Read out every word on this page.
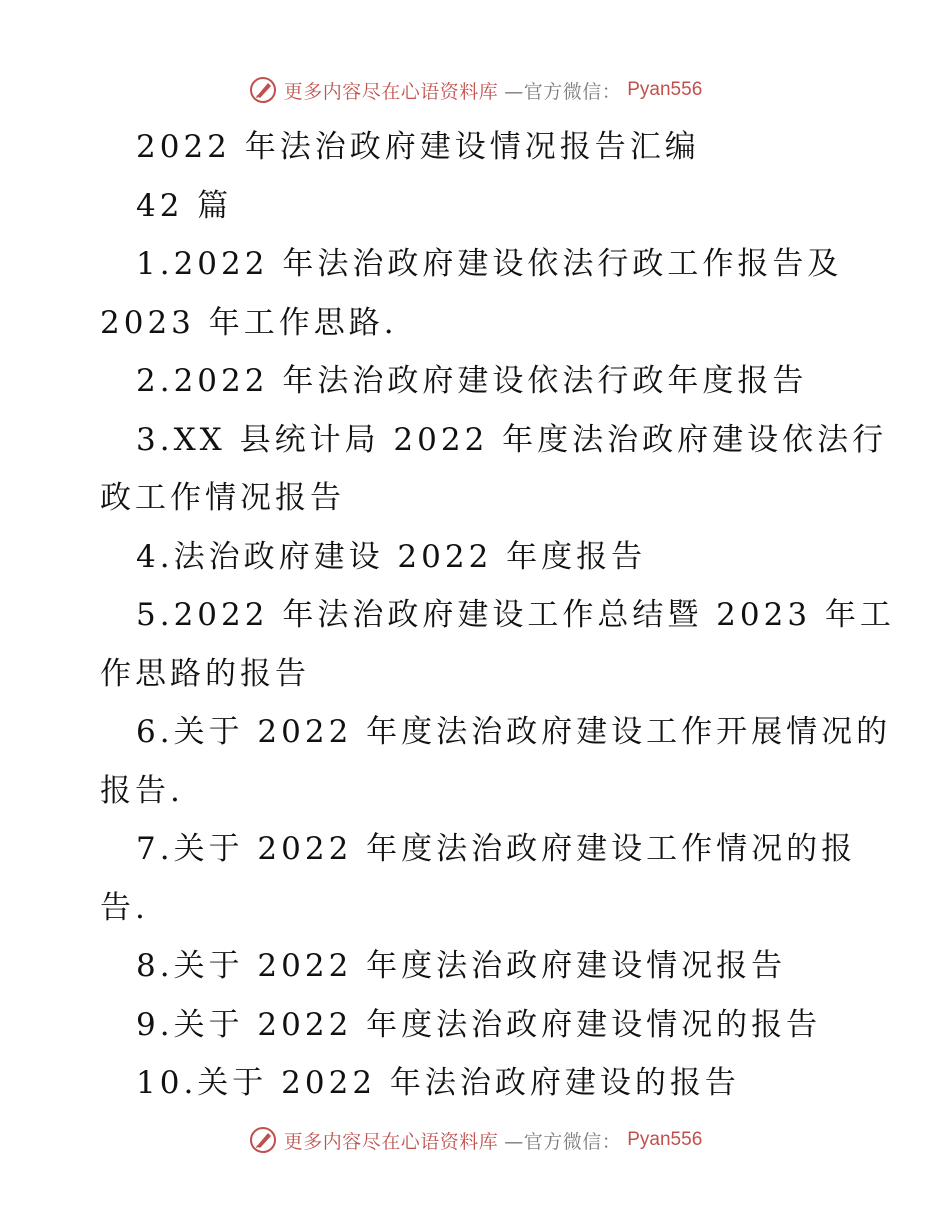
更多内容尽在心语资料库 —官方微信： Pyan556
2022 年法治政府建设情况报告汇编
42 篇
1.2022 年法治政府建设依法行政工作报告及
2023 年工作思路.
2.2022 年法治政府建设依法行政年度报告
3.XX 县统计局 2022 年度法治政府建设依法行
政工作情况报告
4.法治政府建设 2022 年度报告
5.2022 年法治政府建设工作总结暨 2023 年工
作思路的报告
6.关于 2022 年度法治政府建设工作开展情况的
报告.
7.关于 2022 年度法治政府建设工作情况的报
告.
8.关于 2022 年度法治政府建设情况报告
9.关于 2022 年度法治政府建设情况的报告
10.关于 2022 年法治政府建设的报告
更多内容尽在心语资料库 —官方微信： Pyan556
